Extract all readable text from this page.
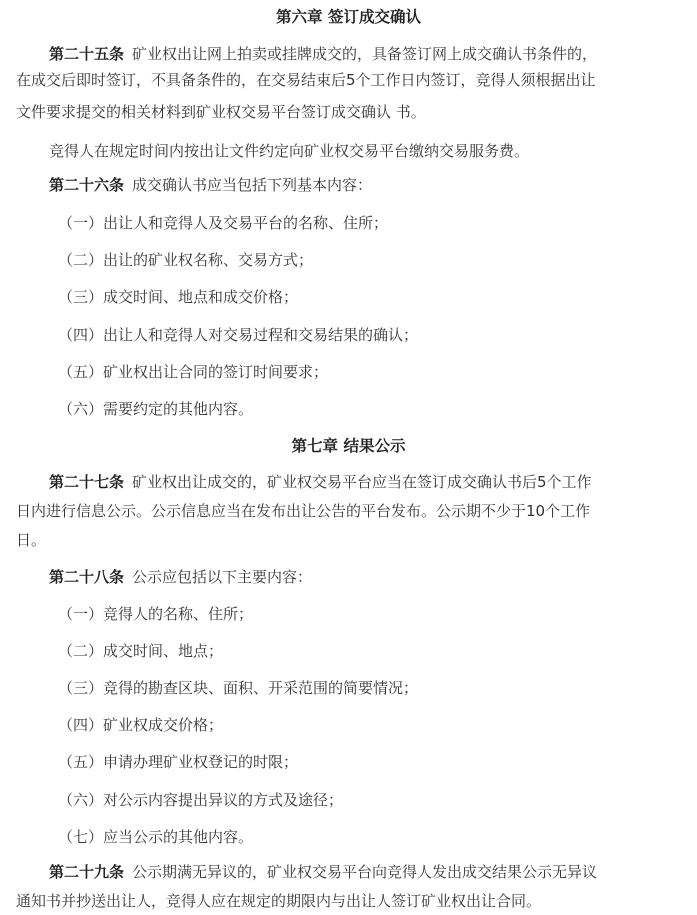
第六章 签订成交确认
第二十五条 矿业权出让网上拍卖或挂牌成交的，具备签订网上成交确认书条件的，
在成交后即时签订，不具备条件的，在交易结束后5个工作日内签订，竞得人须根据出让
文件要求提交的相关材料到矿业权交易平台签订成交确认 书。
竞得人在规定时间内按出让文件约定向矿业权交易平台缴纳交易服务费。
第二十六条 成交确认书应当包括下列基本内容：
（一）出让人和竞得人及交易平台的名称、住所；
（二）出让的矿业权名称、交易方式；
（三）成交时间、地点和成交价格；
（四）出让人和竞得人对交易过程和交易结果的确认；
（五）矿业权出让合同的签订时间要求；
（六）需要约定的其他内容。
第七章 结果公示
第二十七条 矿业权出让成交的，矿业权交易平台应当在签订成交确认书后5个工作
日内进行信息公示。公示信息应当在发布出让公告的平台发布。公示期不少于10个工作
日。
第二十八条 公示应包括以下主要内容：
（一）竞得人的名称、住所；
（二）成交时间、地点；
（三）竞得的勘查区块、面积、开采范围的简要情况；
（四）矿业权成交价格；
（五）申请办理矿业权登记的时限；
（六）对公示内容提出异议的方式及途径；
（七）应当公示的其他内容。
第二十九条 公示期满无异议的，矿业权交易平台向竞得人发出成交结果公示无异议
通知书并抄送出让人，竞得人应在规定的期限内与出让人签订矿业权出让合同。
